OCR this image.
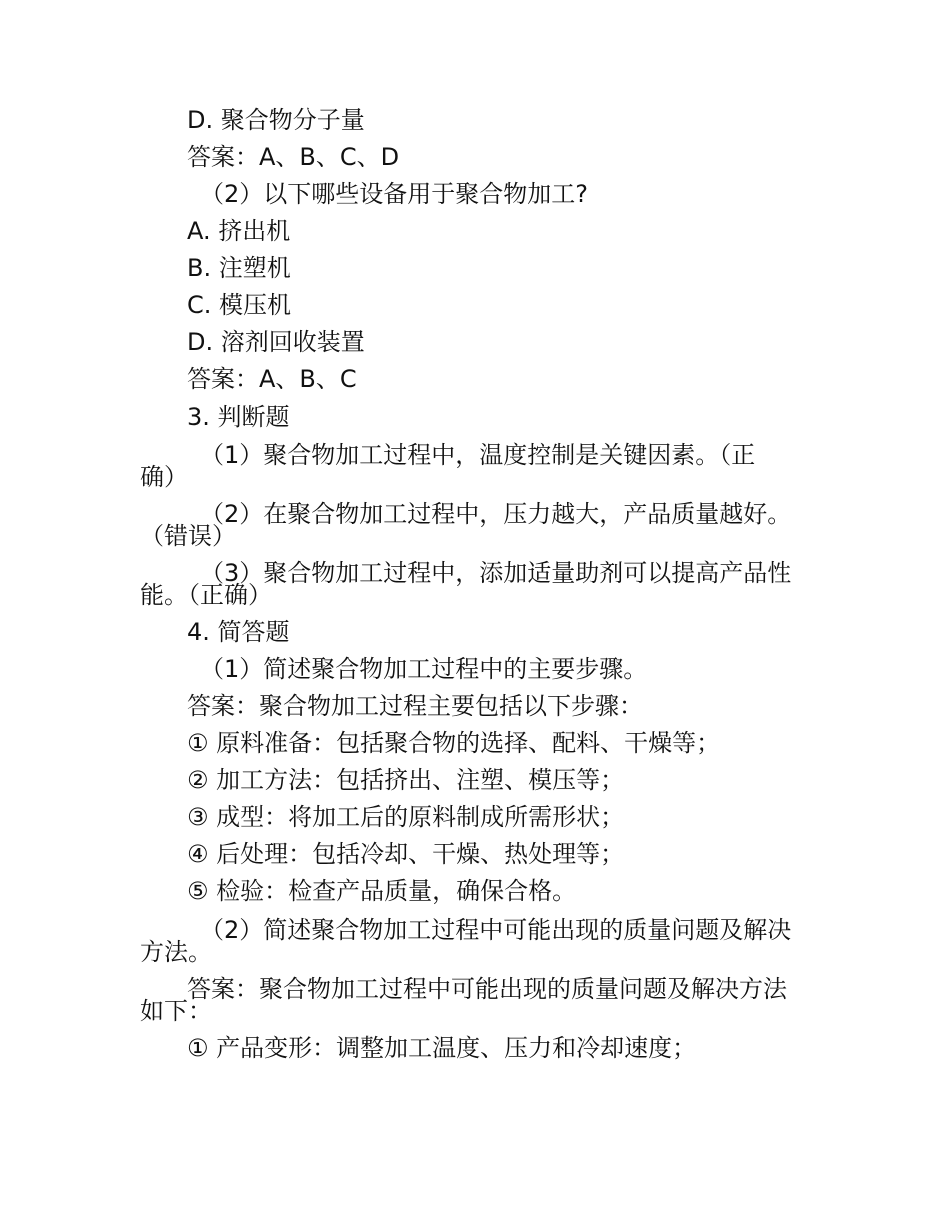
D. 聚合物分子量
答案：A、B、C、D
（2）以下哪些设备用于聚合物加工?
A. 挤出机
B. 注塑机
C. 模压机
D. 溶剂回收装置
答案：A、B、C
3. 判断题
（1）聚合物加工过程中，温度控制是关键因素。（正
确）
（2）在聚合物加工过程中，压力越大，产品质量越好。
（错误）
（3）聚合物加工过程中，添加适量助剂可以提高产品性
能。（正确）
4. 简答题
（1）简述聚合物加工过程中的主要步骤。
答案：聚合物加工过程主要包括以下步骤：
① 原料准备：包括聚合物的选择、配料、干燥等；
② 加工方法：包括挤出、注塑、模压等；
③ 成型：将加工后的原料制成所需形状；
④ 后处理：包括冷却、干燥、热处理等；
⑤ 检验：检查产品质量，确保合格。
（2）简述聚合物加工过程中可能出现的质量问题及解决
方法。
答案：聚合物加工过程中可能出现的质量问题及解决方法
如下：
① 产品变形：调整加工温度、压力和冷却速度；
